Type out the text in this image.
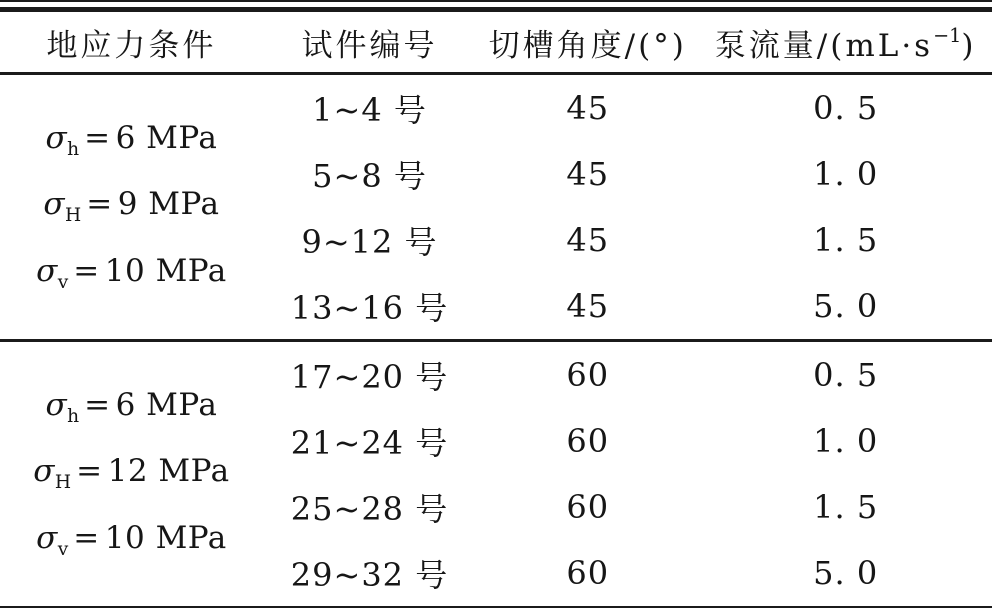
地应力条件	试件编号	切槽角度/(°)	泵流量$/(mL\cdot s^{-1})$

$\sigma_h = 6$ MPa
$\sigma_H = 9$ MPa
$\sigma_v = 10$ MPa	1~4 号	45	0. 5
	5~8 号	45	1. 0
	9~12 号	45	1. 5
	13~16 号	45	5. 0

$\sigma_h = 6$ MPa
$\sigma_H = 12$ MPa
$\sigma_v = 10$ MPa	17~20 号	60	0. 5
	21~24 号	60	1. 0
	25~28 号	60	1. 5
	29~32 号	60	5. 0
